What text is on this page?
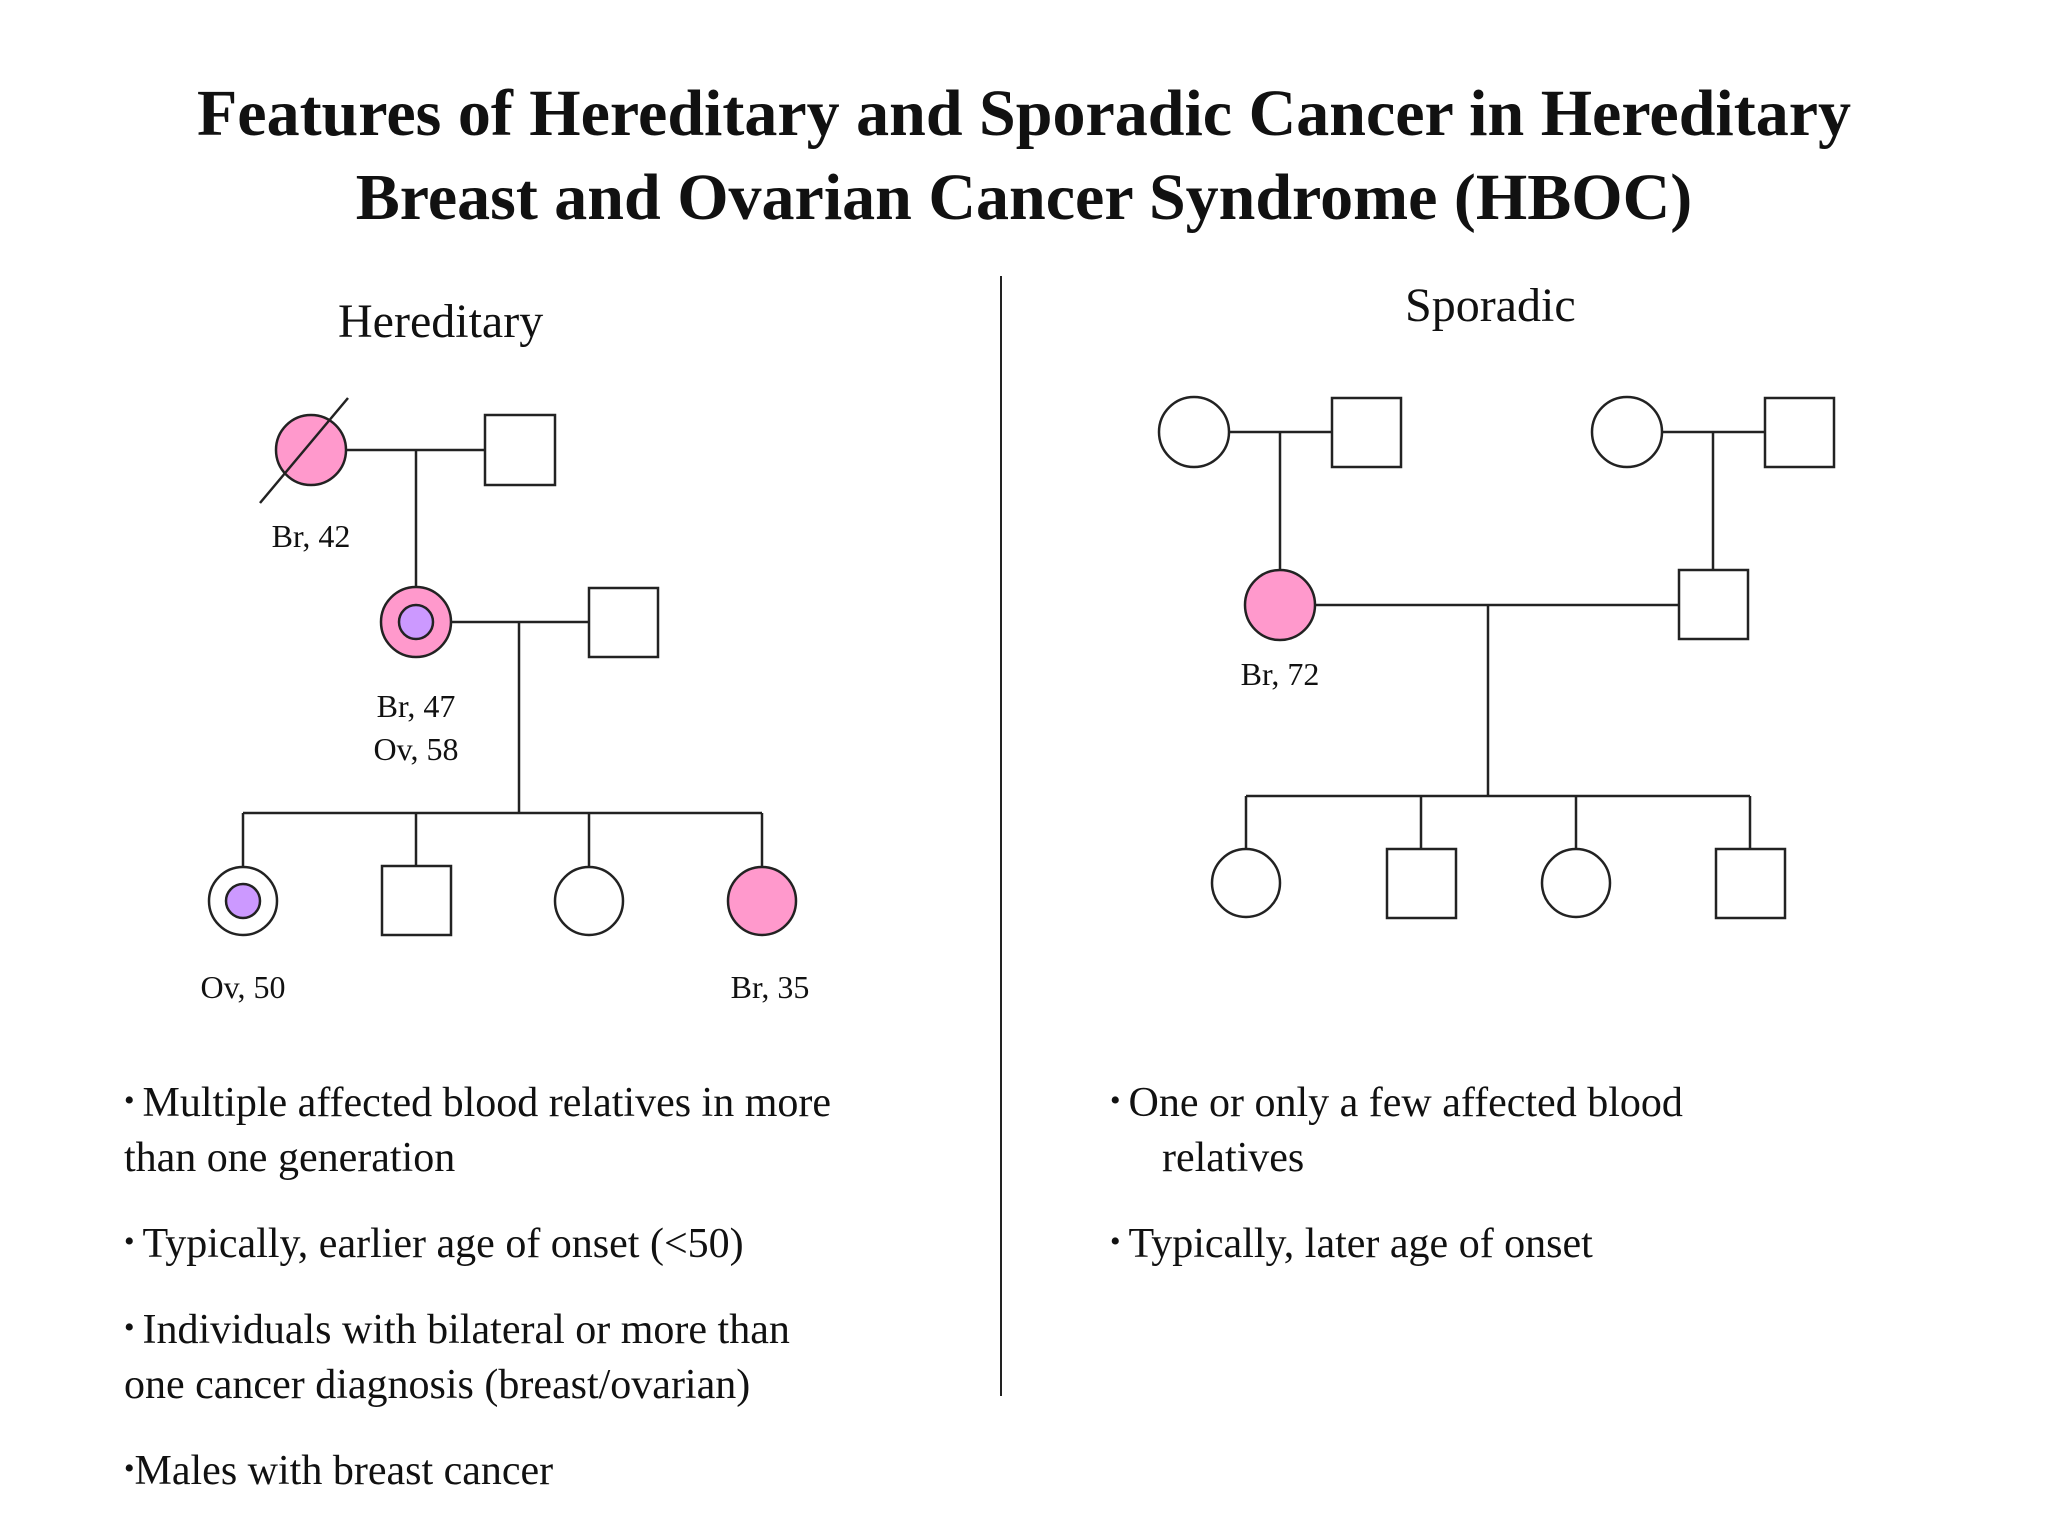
Features of Hereditary and Sporadic Cancer in Hereditary
Breast and Ovarian Cancer Syndrome (HBOC)
Hereditary	Sporadic
Br, 42
Br, 47
Ov, 58
Ov, 50	Br, 35
Br, 72
• Multiple affected blood relatives in more
than one generation
• Typically, earlier age of onset (<50)
• Individuals with bilateral or more than
one cancer diagnosis (breast/ovarian)
•Males with breast cancer
• One or only a few affected blood
relatives
• Typically, later age of onset
